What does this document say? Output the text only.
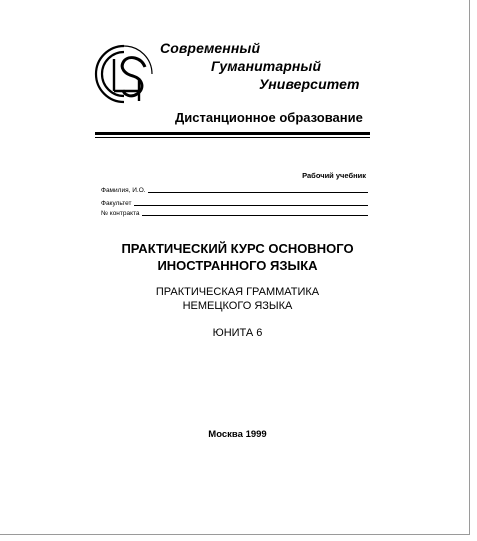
Современный
Гуманитарный
Университет
Дистанционное образование
Рабочий учебник
Фамилия, И.О.
Факультет
№ контракта
ПРАКТИЧЕСКИЙ КУРС ОСНОВНОГО
ИНОСТРАННОГО ЯЗЫКА
ПРАКТИЧЕСКАЯ ГРАММАТИКА
НЕМЕЦКОГО ЯЗЫКА
ЮНИТА 6
Москва 1999
